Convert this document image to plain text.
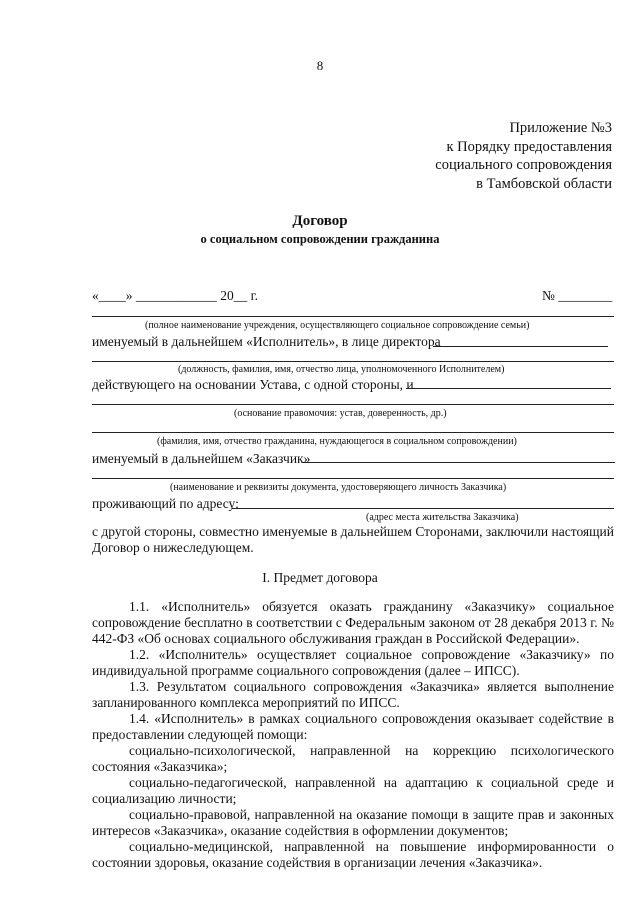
8
Приложение №3
к Порядку предоставления
социального сопровождения
в Тамбовской области
Договор
о социальном сопровождении гражданина
«____» ____________ 20__ г.	№ ________
(полное наименование учреждения, осуществляющего социальное сопровождение семьи)
именуемый в дальнейшем «Исполнитель», в лице директора
(должность, фамилия, имя, отчество лица, уполномоченного Исполнителем)
действующего на основании Устава, с одной стороны, и
(основание правомочия: устав, доверенность, др.)
(фамилия, имя, отчество гражданина, нуждающегося в социальном сопровождении)
именуемый в дальнейшем «Заказчик»
(наименование и реквизиты документа, удостоверяющего личность Заказчика)
проживающий по адресу:
(адрес места жительства Заказчика)
с другой стороны, совместно именуемые в дальнейшем Сторонами, заключили настоящий Договор о нижеследующем.
I. Предмет договора
1.1. «Исполнитель» обязуется оказать гражданину «Заказчику» социальное сопровождение бесплатно в соответствии с Федеральным законом от 28 декабря 2013 г. № 442-ФЗ «Об основах социального обслуживания граждан в Российской Федерации».
1.2. «Исполнитель» осуществляет социальное сопровождение «Заказчику» по индивидуальной программе социального сопровождения (далее – ИПСС).
1.3. Результатом социального сопровождения «Заказчика» является выполнение запланированного комплекса мероприятий по ИПСС.
1.4. «Исполнитель» в рамках социального сопровождения оказывает содействие в предоставлении следующей помощи:
социально-психологической, направленной на коррекцию психологического состояния «Заказчика»;
социально-педагогической, направленной на адаптацию к социальной среде и социализацию личности;
социально-правовой, направленной на оказание помощи в защите прав и законных интересов «Заказчика», оказание содействия в оформлении документов;
социально-медицинской, направленной на повышение информированности о состоянии здоровья, оказание содействия в организации лечения «Заказчика».
